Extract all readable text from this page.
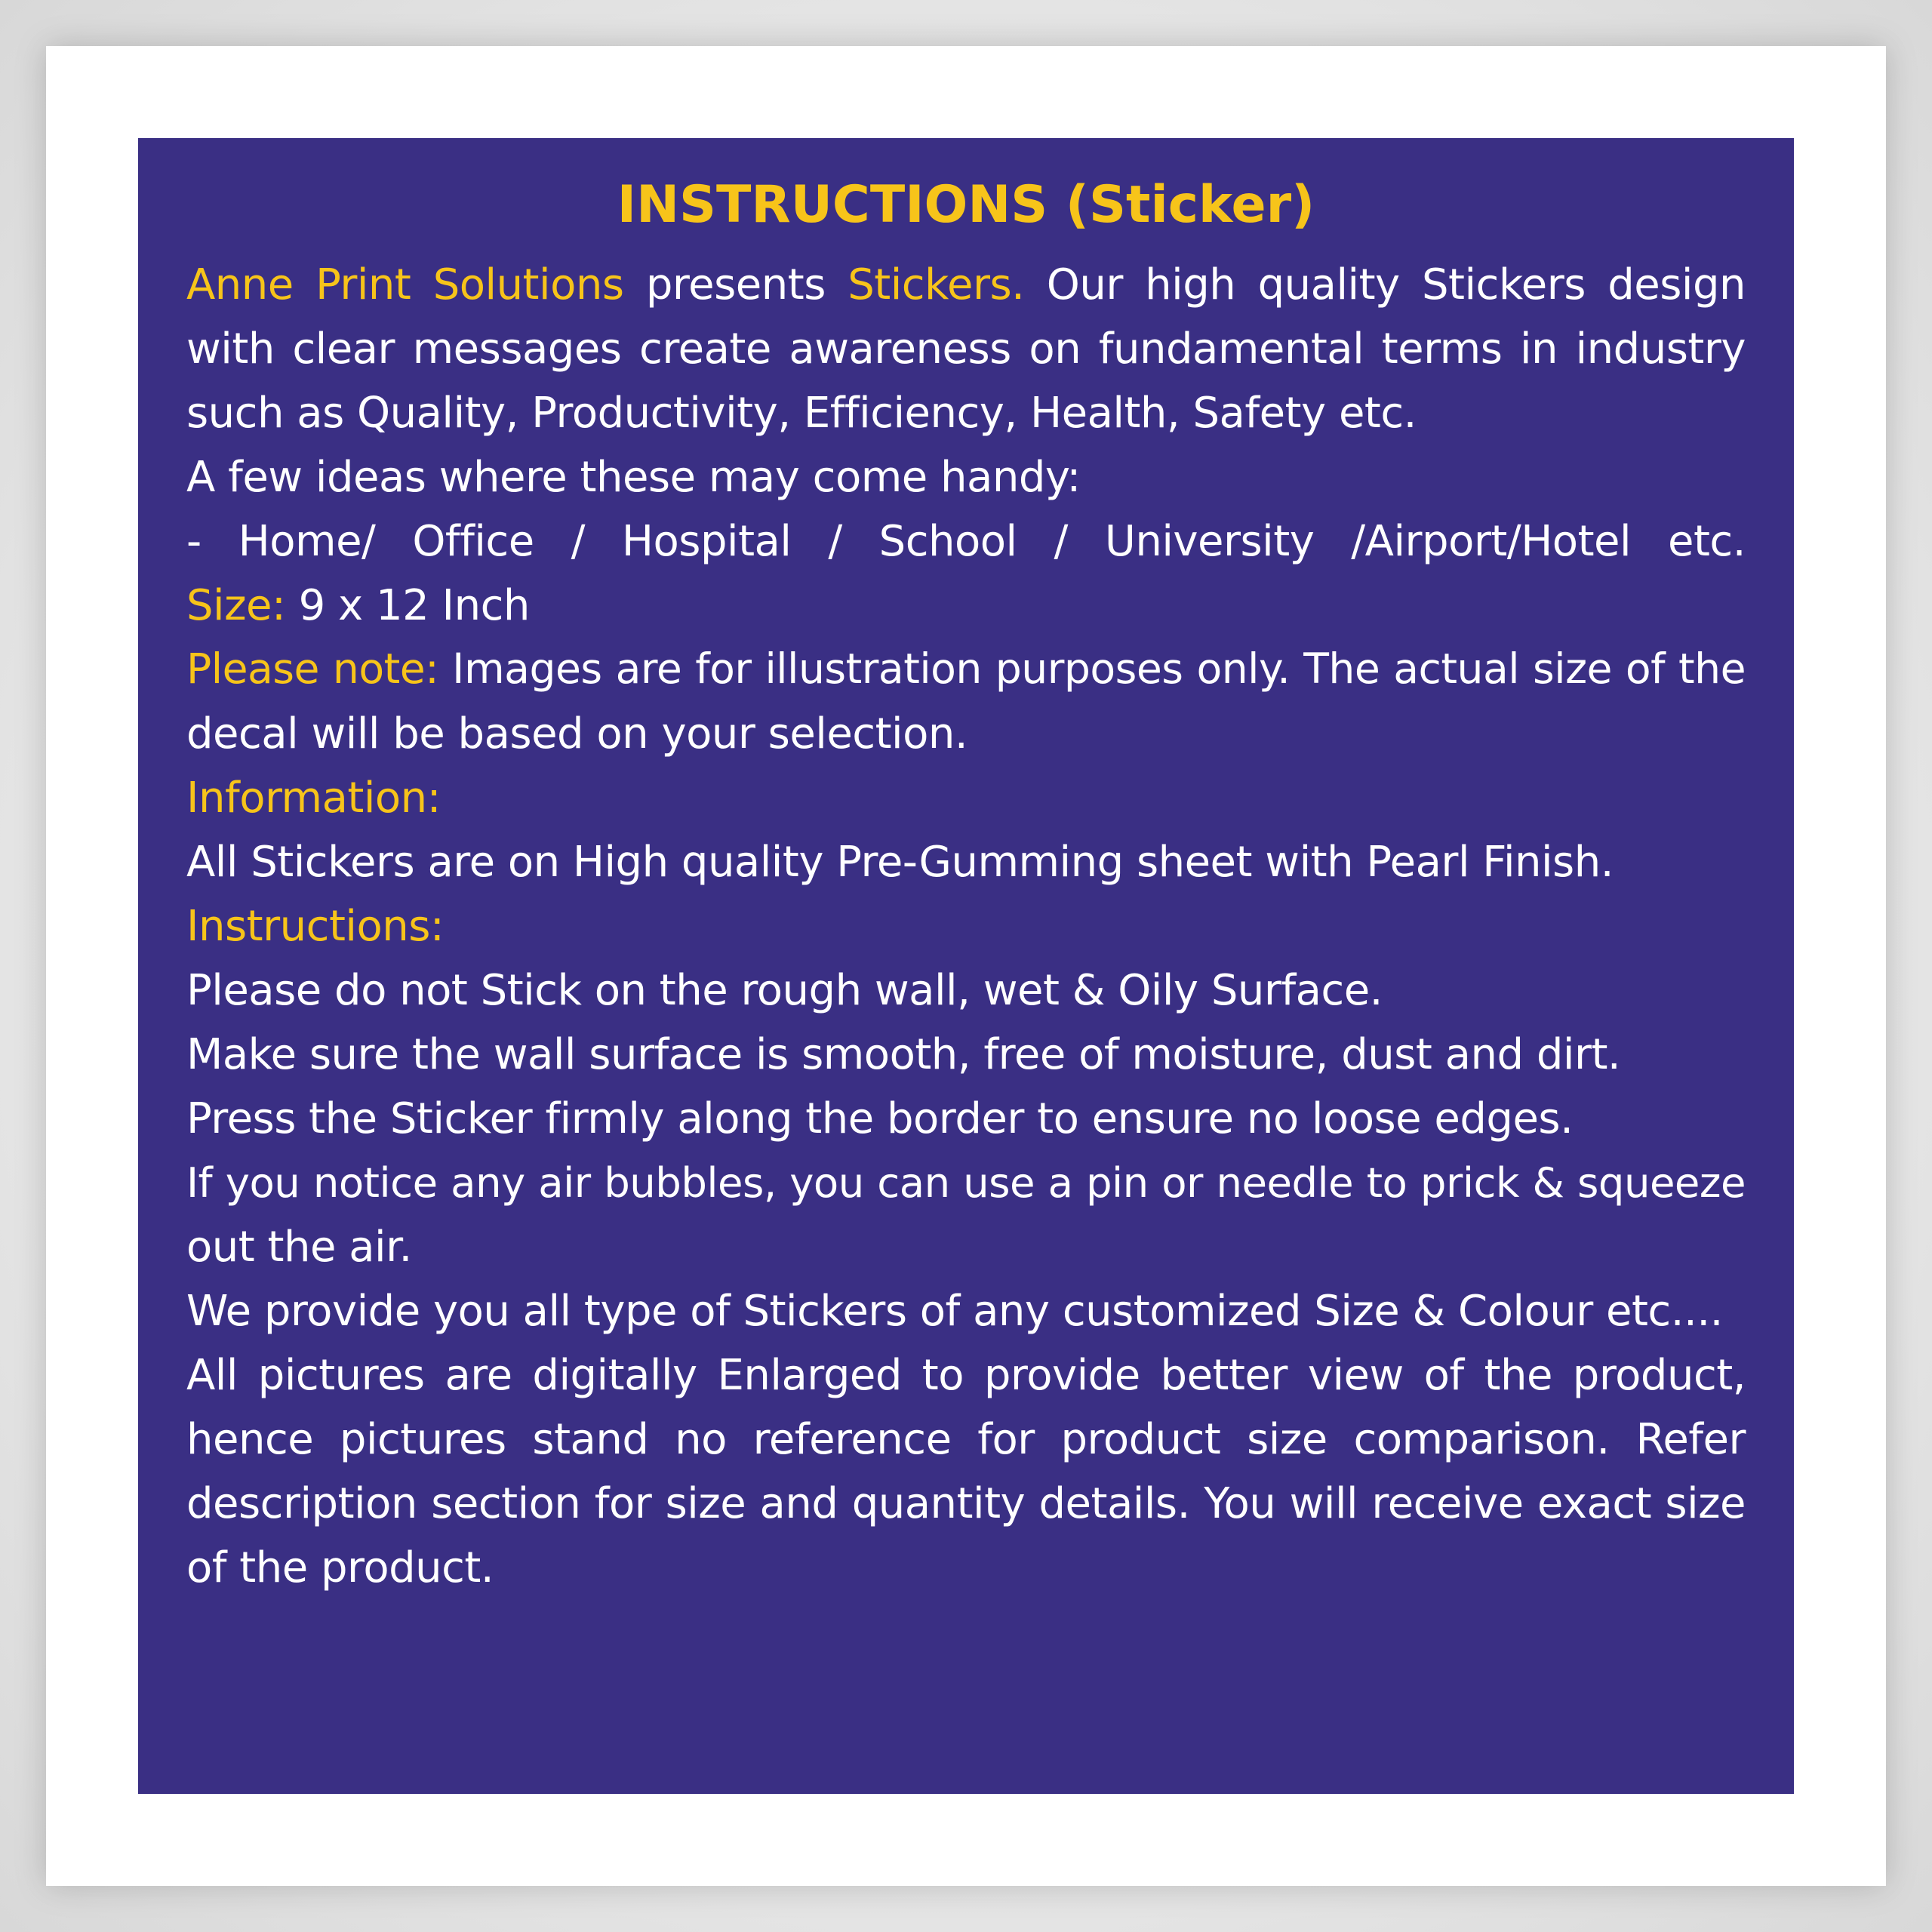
INSTRUCTIONS (Sticker)
Anne Print Solutions presents Stickers. Our high quality Stickers design
with clear messages create awareness on fundamental terms in industry
such as Quality, Productivity, Efficiency, Health, Safety etc.
A few ideas where these may come handy:
- Home/ Office / Hospital / School / University /Airport/Hotel etc.
Size: 9 x 12 Inch
Please note: Images are for illustration purposes only. The actual size of the
decal will be based on your selection.
Information:
All Stickers are on High quality Pre-Gumming sheet with Pearl Finish.
Instructions:
Please do not Stick on the rough wall, wet & Oily Surface.
Make sure the wall surface is smooth, free of moisture, dust and dirt.
Press the Sticker firmly along the border to ensure no loose edges.
If you notice any air bubbles, you can use a pin or needle to prick & squeeze
out the air.
We provide you all type of Stickers of any customized Size & Colour etc....
All pictures are digitally Enlarged to provide better view of the product,
hence pictures stand no reference for product size comparison. Refer
description section for size and quantity details. You will receive exact size
of the product.
